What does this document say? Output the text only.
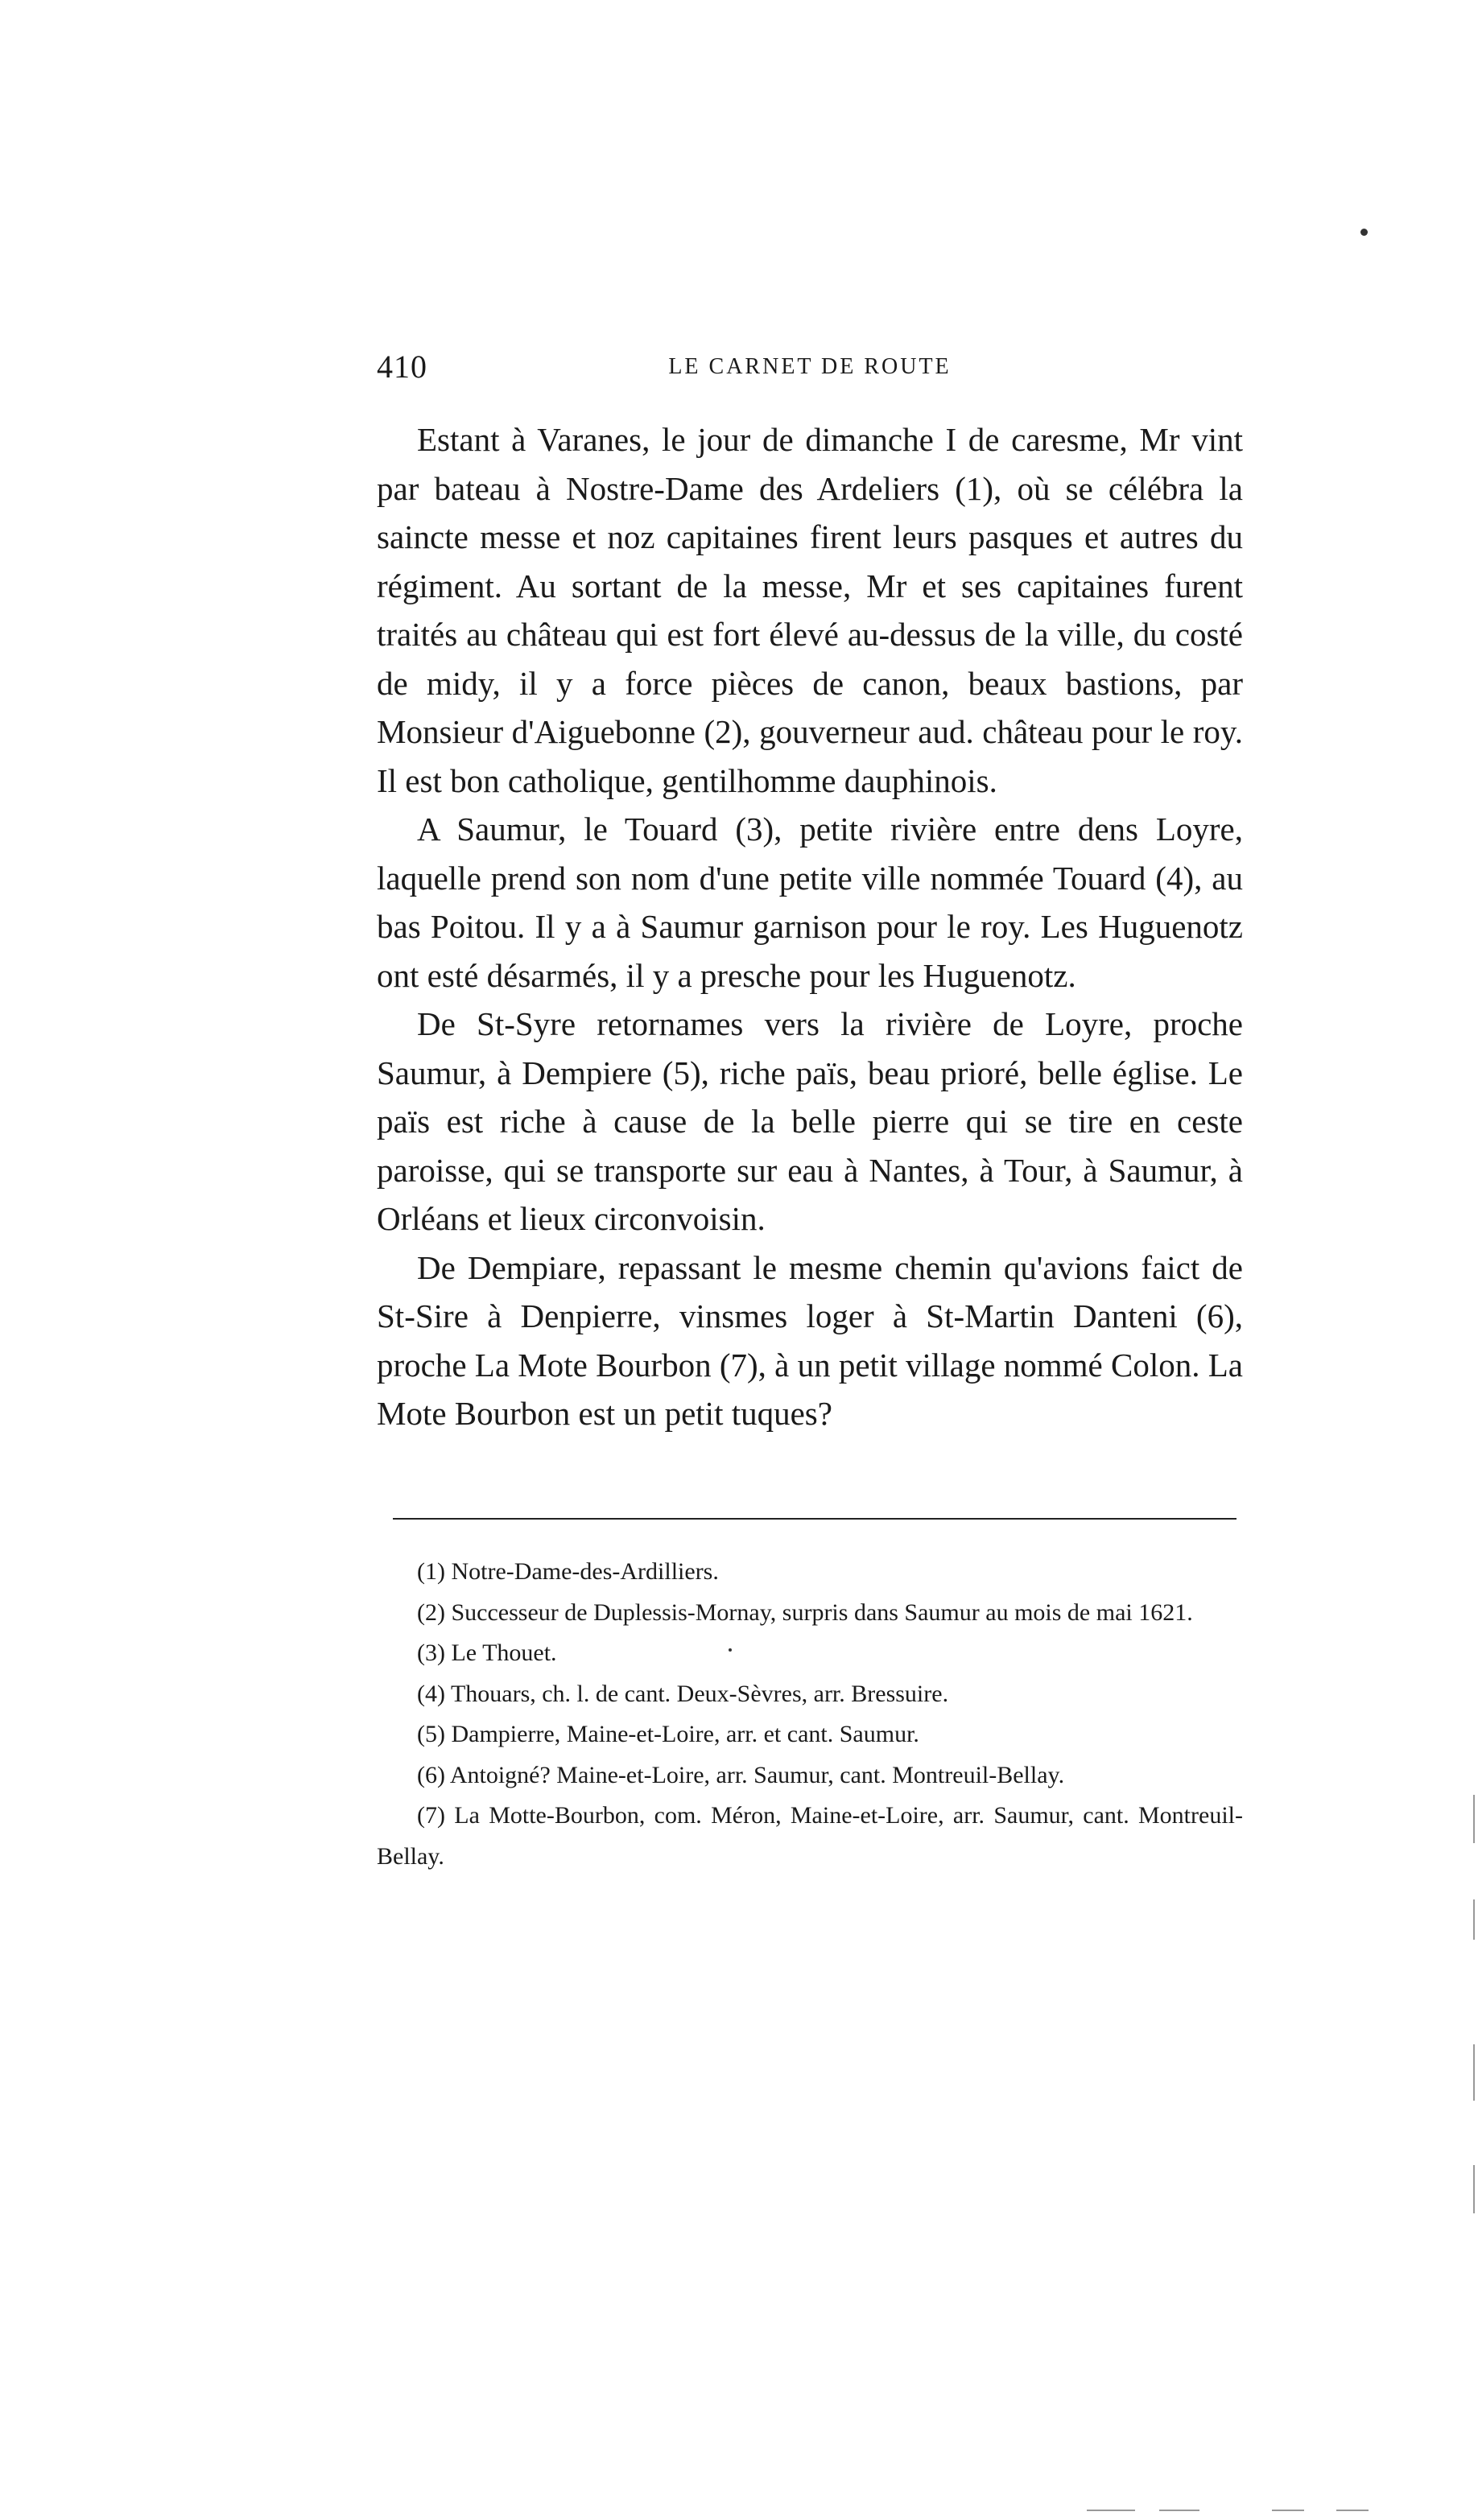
410	LE CARNET DE ROUTE

Estant à Varanes, le jour de dimanche I de caresme, Mr vint par bateau à Nostre-Dame des Ardeliers (1), où se célébra la saincte messe et noz capitaines firent leurs pasques et autres du régiment. Au sortant de la messe, Mr et ses capitaines furent traités au château qui est fort élevé au-dessus de la ville, du costé de midy, il y a force pièces de canon, beaux bastions, par Monsieur d'Aiguebonne (2), gouverneur aud. château pour le roy. Il est bon catholique, gentilhomme dauphinois.

A Saumur, le Touard (3), petite rivière entre dens Loyre, laquelle prend son nom d'une petite ville nommée Touard (4), au bas Poitou. Il y a à Saumur garnison pour le roy. Les Huguenotz ont esté désarmés, il y a presche pour les Huguenotz.

De St-Syre retornames vers la rivière de Loyre, proche Saumur, à Dempiere (5), riche païs, beau prioré, belle église. Le païs est riche à cause de la belle pierre qui se tire en ceste paroisse, qui se transporte sur eau à Nantes, à Tour, à Saumur, à Orléans et lieux circonvoisin.

De Dempiare, repassant le mesme chemin qu'avions faict de St-Sire à Denpierre, vinsmes loger à St-Martin Danteni (6), proche La Mote Bourbon (7), à un petit village nommé Colon. La Mote Bourbon est un petit tuques?

(1) Notre-Dame-des-Ardilliers.

(2) Successeur de Duplessis-Mornay, surpris dans Saumur au mois de mai 1621.

(3) Le Thouet.

(4) Thouars, ch. l. de cant. Deux-Sèvres, arr. Bressuire.

(5) Dampierre, Maine-et-Loire, arr. et cant. Saumur.

(6) Antoigné? Maine-et-Loire, arr. Saumur, cant. Montreuil-Bellay.

(7) La Motte-Bourbon, com. Méron, Maine-et-Loire, arr. Saumur, cant. Montreuil-Bellay.
